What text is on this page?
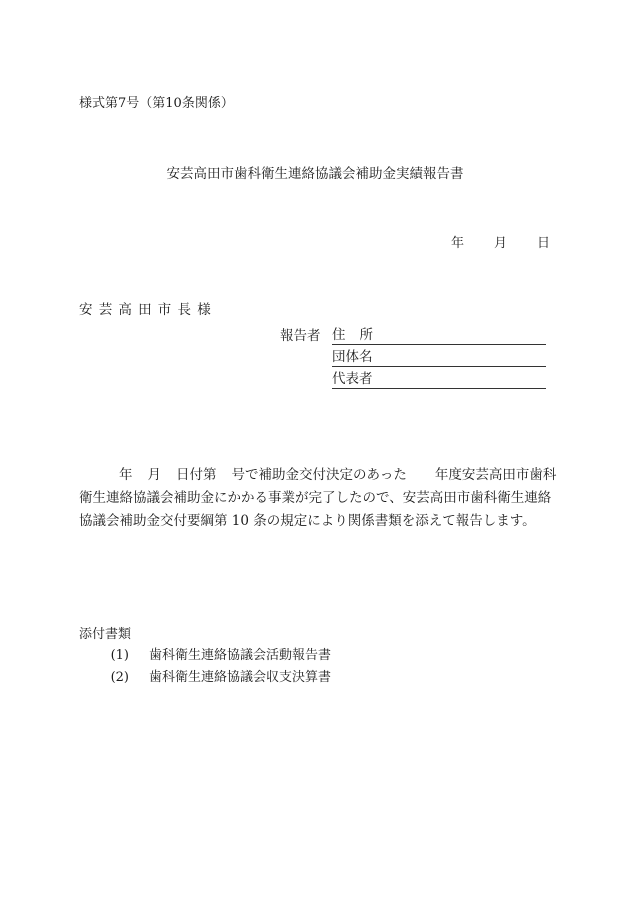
様式第7号（第10条関係）
安芸高田市歯科衛生連絡協議会補助金実績報告書
年 月 日
安芸高田市長様
報告者 住 所
団体名
代表者
年 月 日付第 号で補助金交付決定のあった 年度安芸高田市歯科
衛生連絡協議会補助金にかかる事業が完了したので、安芸高田市歯科衛生連絡
協議会補助金交付要綱第 10 条の規定により関係書類を添えて報告します。
添付書類
(1) 歯科衛生連絡協議会活動報告書
(2) 歯科衛生連絡協議会収支決算書
